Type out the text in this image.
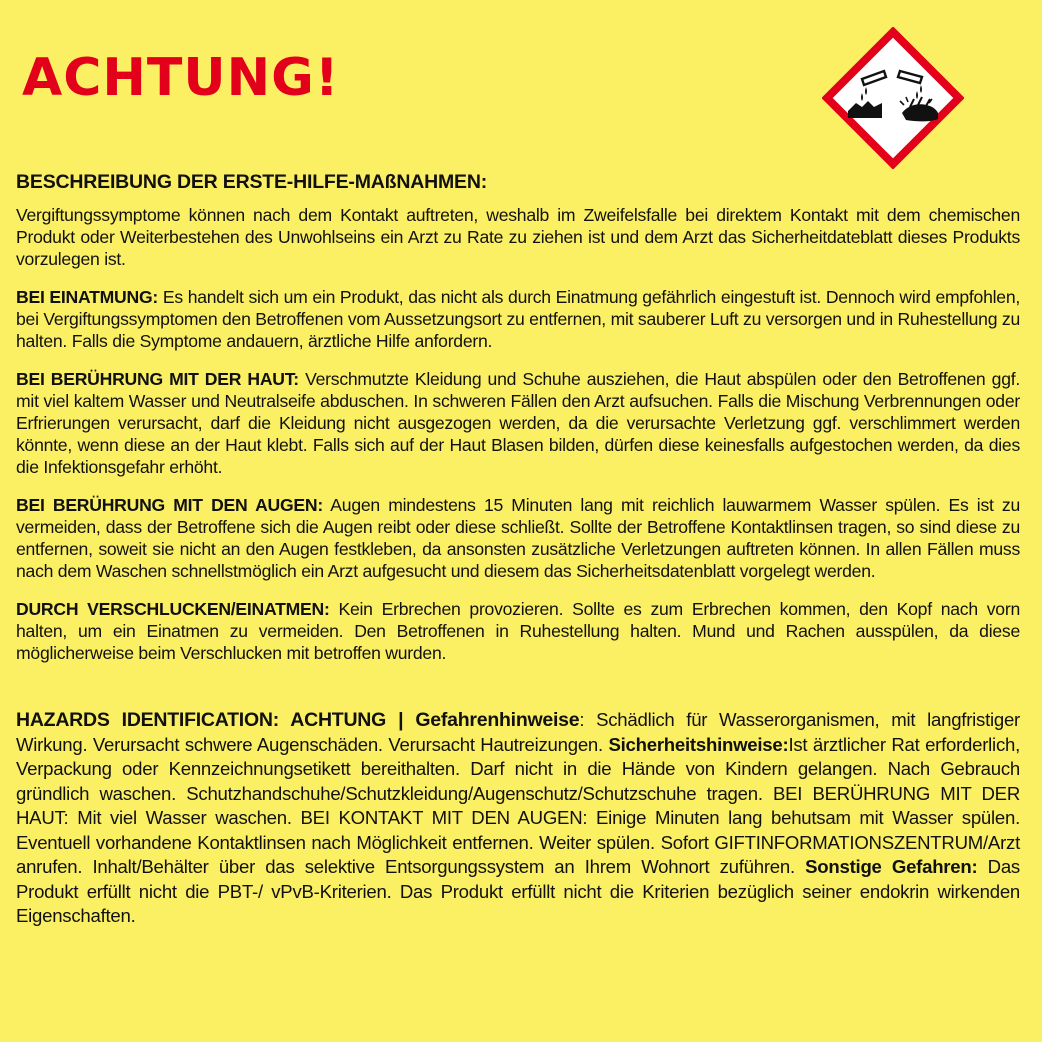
ACHTUNG!

BESCHREIBUNG DER ERSTE-HILFE-MAßNAHMEN:

Vergiftungssymptome können nach dem Kontakt auftreten, weshalb im Zweifelsfalle bei direktem Kontakt mit dem chemischen Produkt oder Weiterbestehen des Unwohlseins ein Arzt zu Rate zu ziehen ist und dem Arzt das Sicherheitdateblatt dieses Produkts vorzulegen ist.

BEI EINATMUNG: Es handelt sich um ein Produkt, das nicht als durch Einatmung gefährlich eingestuft ist. Dennoch wird empfohlen, bei Vergiftungssymptomen den Betroffenen vom Aussetzungsort zu entfernen, mit sauberer Luft zu versorgen und in Ruhestellung zu halten. Falls die Symptome andauern, ärztliche Hilfe anfordern.

BEI BERÜHRUNG MIT DER HAUT: Verschmutzte Kleidung und Schuhe ausziehen, die Haut abspülen oder den Betroffenen ggf. mit viel kaltem Wasser und Neutralseife abduschen. In schweren Fällen den Arzt aufsuchen. Falls die Mischung Verbrennungen oder Erfrierungen verursacht, darf die Kleidung nicht ausgezogen werden, da die verursachte Verletzung ggf. verschlimmert werden könnte, wenn diese an der Haut klebt. Falls sich auf der Haut Blasen bilden, dürfen diese keinesfalls aufgestochen werden, da dies die Infektionsgefahr erhöht.

BEI BERÜHRUNG MIT DEN AUGEN: Augen mindestens 15 Minuten lang mit reichlich lauwarmem Wasser spülen. Es ist zu vermeiden, dass der Betroffene sich die Augen reibt oder diese schließt. Sollte der Betroffene Kontaktlinsen tragen, so sind diese zu entfernen, soweit sie nicht an den Augen festkleben, da ansonsten zusätzliche Verletzungen auftreten können. In allen Fällen muss nach dem Waschen schnellstmöglich ein Arzt aufgesucht und diesem das Sicherheitsdatenblatt vorgelegt werden.

DURCH VERSCHLUCKEN/EINATMEN: Kein Erbrechen provozieren. Sollte es zum Erbrechen kommen, den Kopf nach vorn halten, um ein Einatmen zu vermeiden. Den Betroffenen in Ruhestellung halten. Mund und Rachen ausspülen, da diese möglicherweise beim Verschlucken mit betroffen wurden.

HAZARDS IDENTIFICATION: ACHTUNG | Gefahrenhinweise: Schädlich für Wasserorganismen, mit langfristiger Wirkung. Verursacht schwere Augenschäden. Verursacht Hautreizungen. Sicherheitshinweise:Ist ärztlicher Rat erforderlich, Verpackung oder Kennzeichnungsetikett bereithalten. Darf nicht in die Hände von Kindern gelangen. Nach Gebrauch gründlich waschen. Schutzhandschuhe/Schutzkleidung/Augenschutz/Schutzschuhe tragen. BEI BERÜHRUNG MIT DER HAUT: Mit viel Wasser waschen. BEI KONTAKT MIT DEN AUGEN: Einige Minuten lang behutsam mit Wasser spülen. Eventuell vorhandene Kontaktlinsen nach Möglichkeit entfernen. Weiter spülen. Sofort GIFTINFORMATIONSZENTRUM/Arzt anrufen. Inhalt/Behälter über das selektive Entsorgungssystem an Ihrem Wohnort zuführen. Sonstige Gefahren: Das Produkt erfüllt nicht die PBT-/ vPvB-Kriterien. Das Produkt erfüllt nicht die Kriterien bezüglich seiner endokrin wirkenden Eigenschaften.
